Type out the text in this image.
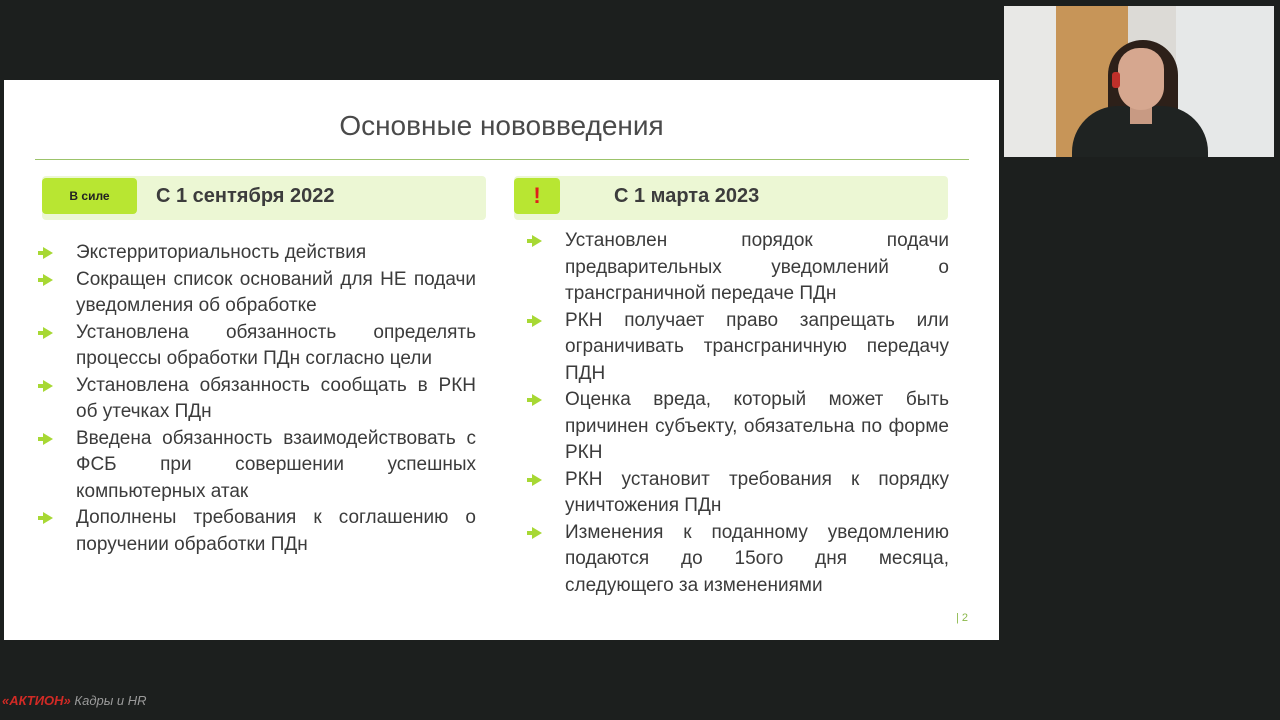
Основные нововведения
В силе	С 1 сентября 2022	!	С 1 марта 2023
Экстерриториальность действия
Сокращен список оснований для НЕ подачи уведомления об обработке
Установлена обязанность определять процессы обработки ПДн согласно цели
Установлена обязанность сообщать в РКН об утечках ПДн
Введена обязанность взаимодействовать с ФСБ при совершении успешных компьютерных атак
Дополнены требования к соглашению о поручении обработки ПДн
Установлен порядок подачи предварительных уведомлений о трансграничной передаче ПДн
РКН получает право запрещать или ограничивать трансграничную передачу ПДН
Оценка вреда, который может быть причинен субъекту, обязательна по форме РКН
РКН установит требования к порядку уничтожения ПДн
Изменения к поданному уведомлению подаются до 15ого дня месяца, следующего за изменениями
| 2
«АКТИОН» Кадры и HR
